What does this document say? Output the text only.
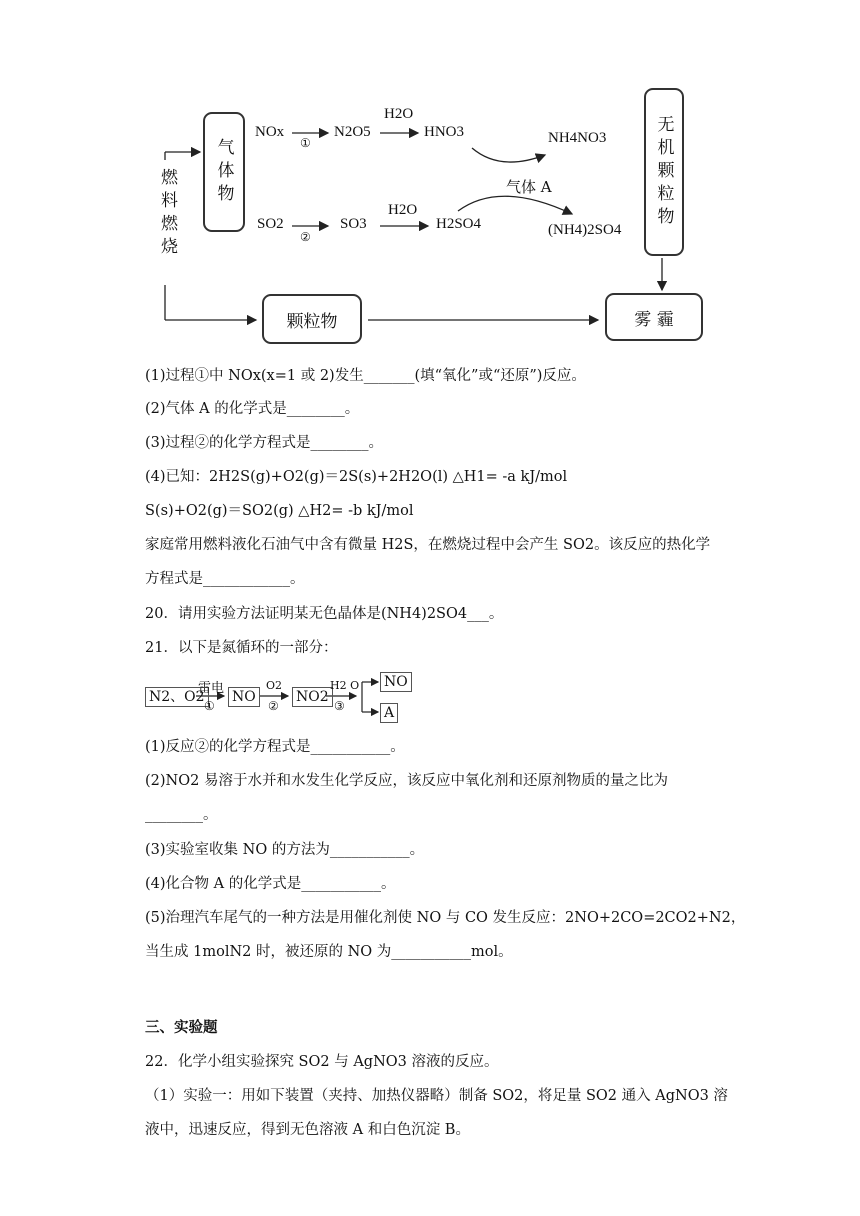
燃料燃烧 气体物	无机颗粒物
颗粒物	雾 霾
NOx
①
N2O5
H2O
HNO3	NH4NO3
SO2
②
SO3
H2O
H2SO4
气体 A
(NH4)2SO4
(1)过程①中 NOx(x=1 或 2)发生_______(填“氧化”或“还原”)反应。
(2)气体 A 的化学式是________。
(3)过程②的化学方程式是________。
(4)已知：2H2S(g)+O2(g)＝2S(s)+2H2O(l) △H1= -a kJ/mol
S(s)+O2(g)＝SO2(g) △H2= -b kJ/mol
家庭常用燃料液化石油气中含有微量 H2S，在燃烧过程中会产生 SO2。该反应的热化学
方程式是____________。
20．请用实验方法证明某无色晶体是(NH4)2SO4___。
21．以下是氮循环的一部分：
N2、O2
雷电
①
NO
O2
②
NO2
H2 O
③
NO
A
(1)反应②的化学方程式是___________。
(2)NO2 易溶于水并和水发生化学反应，该反应中氧化剂和还原剂物质的量之比为
________。
(3)实验室收集 NO 的方法为___________。
(4)化合物 A 的化学式是___________。
(5)治理汽车尾气的一种方法是用催化剂使 NO 与 CO 发生反应：2NO+2CO=2CO2+N2，
当生成 1molN2 时，被还原的 NO 为___________mol。
三、实验题
22．化学小组实验探究 SO2 与 AgNO3 溶液的反应。
（1）实验一：用如下装置（夹持、加热仪器略）制备 SO2，将足量 SO2 通入 AgNO3 溶
液中，迅速反应，得到无色溶液 A 和白色沉淀 B。
